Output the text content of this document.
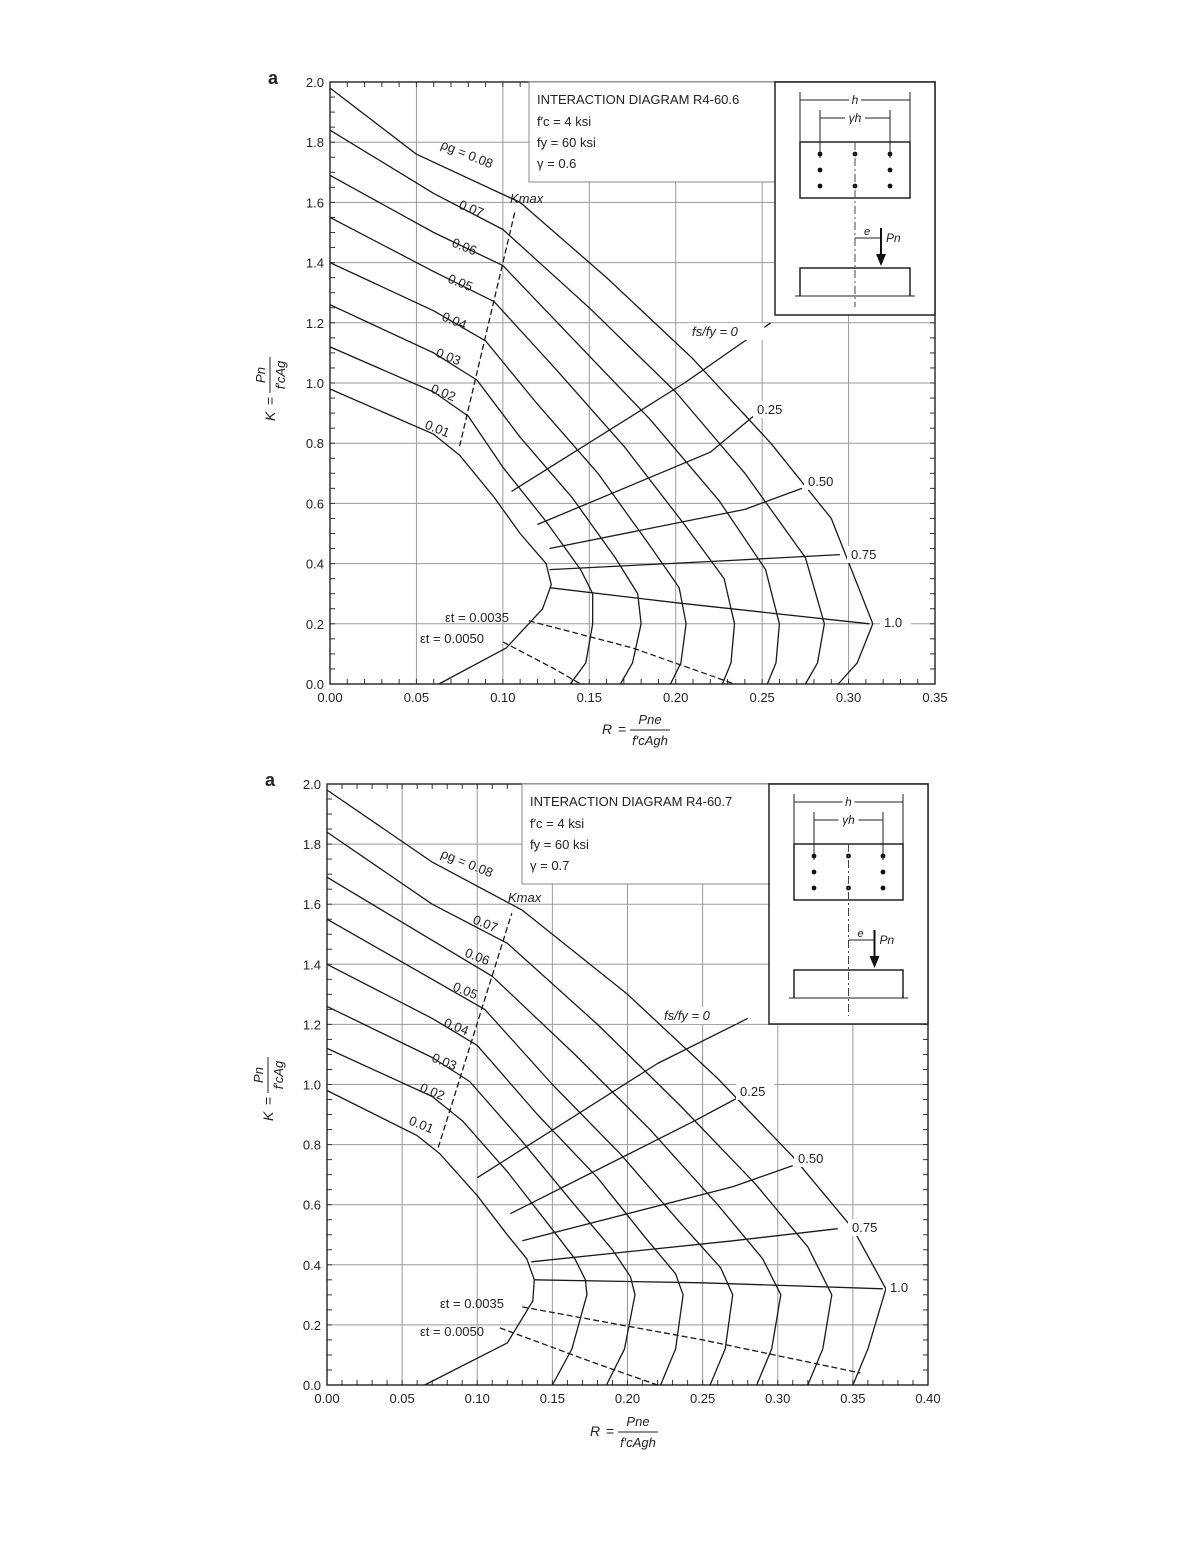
0.00	0.05	0.10	0.15	0.20	0.25	0.30	0.35
0.0
0.2
0.4
0.6
0.8
1.0
1.2
1.4
1.6
1.8
2.0
ρg = 0.08
0.07
0.06
0.05
0.04
0.03
0.02
0.01
Kmax
fs/fy = 0
0.25
0.50
0.75
1.0
εt = 0.0035
εt = 0.0050
INTERACTION DIAGRAM R4-60.6
f′c = 4 ksi
fy = 60 ksi
γ = 0.6
h
γh
e Pn
R =
Pne
f′cAgh
K
=
Pn f′cAg
a
0.00	0.05	0.10	0.15	0.20	0.25	0.30	0.35	0.40
0.0
0.2
0.4
0.6
0.8
1.0
1.2
1.4
1.6
1.8
2.0
ρg = 0.08
0.07
0.06
0.05
0.04
0.03
0.02
0.01
Kmax
fs/fy = 0
0.25
0.50
0.75
1.0
εt = 0.0035
εt = 0.0050
INTERACTION DIAGRAM R4-60.7
f′c = 4 ksi
fy = 60 ksi
γ = 0.7
h
γh
e Pn
R =
Pne
f′cAgh
K
=
Pn f′cAg
a
